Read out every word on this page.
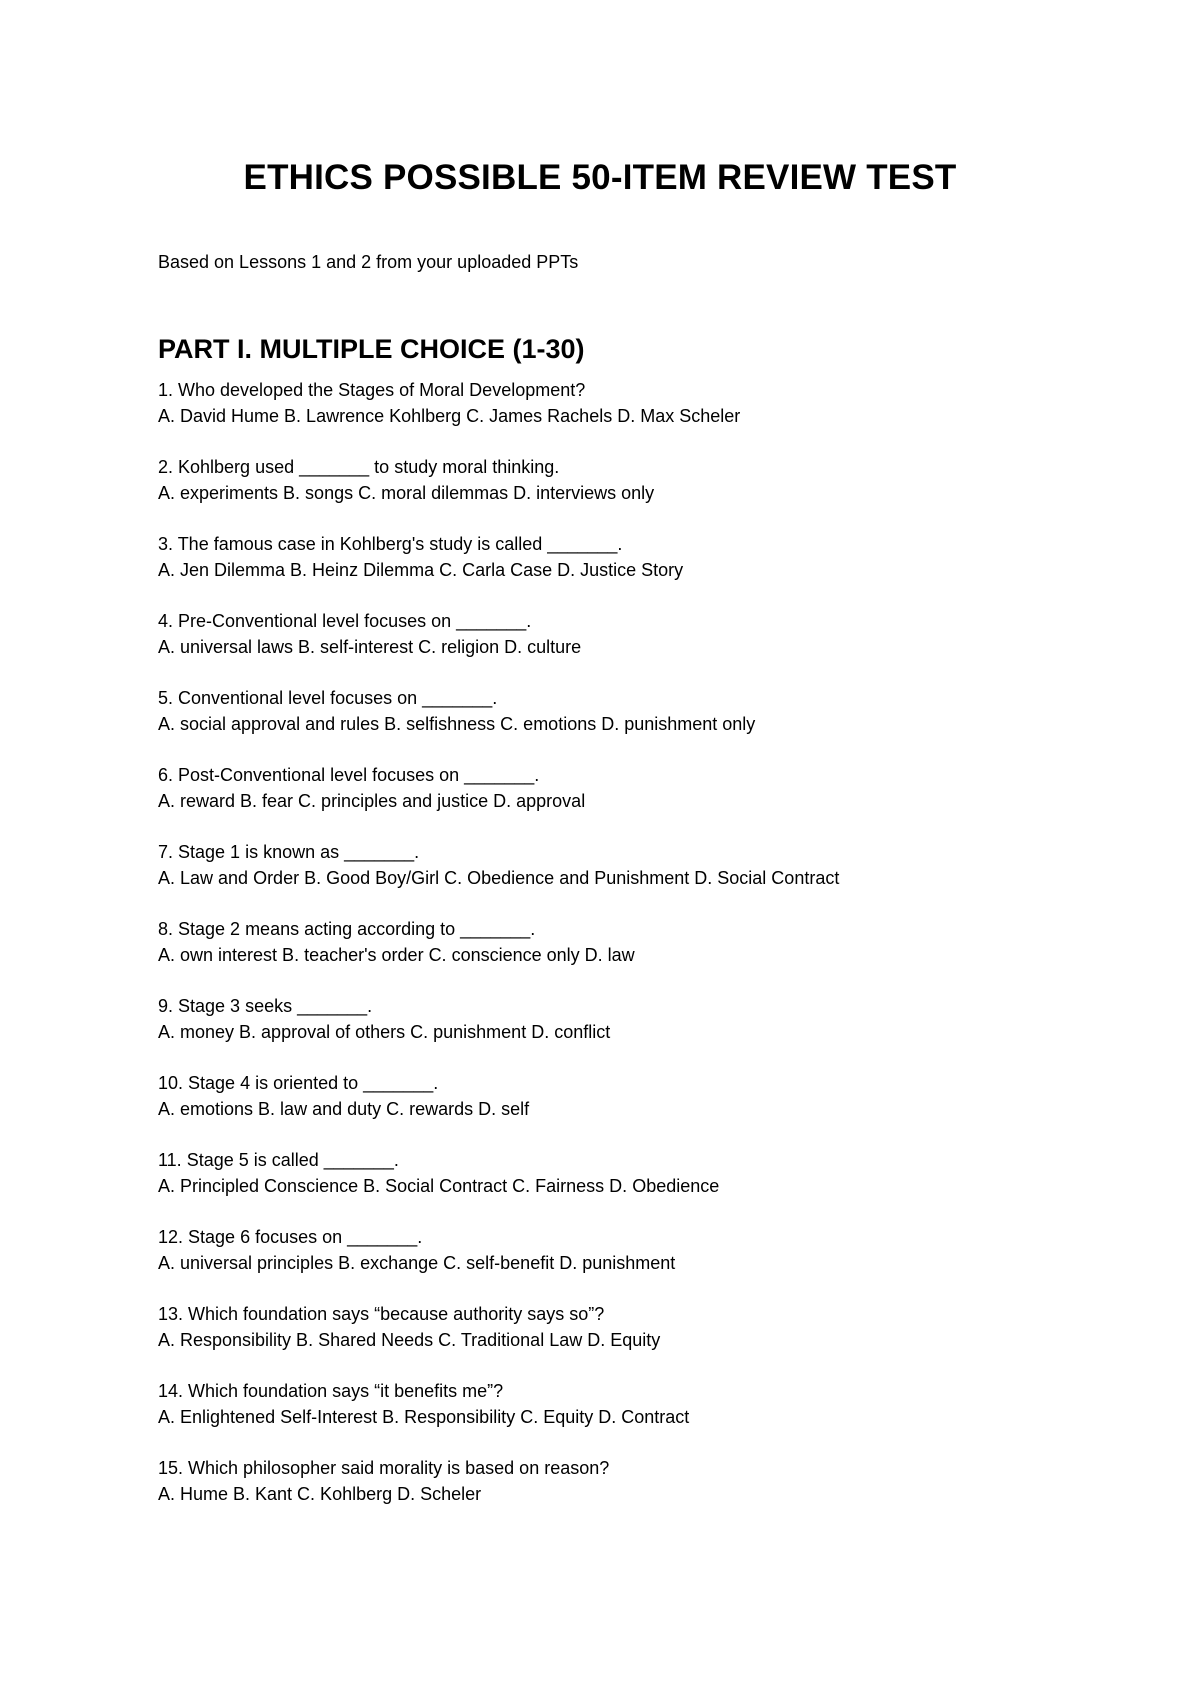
ETHICS POSSIBLE 50-ITEM REVIEW TEST

Based on Lessons 1 and 2 from your uploaded PPTs

PART I. MULTIPLE CHOICE (1-30)
1. Who developed the Stages of Moral Development?
A. David Hume B. Lawrence Kohlberg C. James Rachels D. Max Scheler
2. Kohlberg used _______ to study moral thinking.
A. experiments B. songs C. moral dilemmas D. interviews only
3. The famous case in Kohlberg's study is called _______.
A. Jen Dilemma B. Heinz Dilemma C. Carla Case D. Justice Story
4. Pre-Conventional level focuses on _______.
A. universal laws B. self-interest C. religion D. culture
5. Conventional level focuses on _______.
A. social approval and rules B. selfishness C. emotions D. punishment only
6. Post-Conventional level focuses on _______.
A. reward B. fear C. principles and justice D. approval
7. Stage 1 is known as _______.
A. Law and Order B. Good Boy/Girl C. Obedience and Punishment D. Social Contract
8. Stage 2 means acting according to _______.
A. own interest B. teacher's order C. conscience only D. law
9. Stage 3 seeks _______.
A. money B. approval of others C. punishment D. conflict
10. Stage 4 is oriented to _______.
A. emotions B. law and duty C. rewards D. self
11. Stage 5 is called _______.
A. Principled Conscience B. Social Contract C. Fairness D. Obedience
12. Stage 6 focuses on _______.
A. universal principles B. exchange C. self-benefit D. punishment
13. Which foundation says “because authority says so”?
A. Responsibility B. Shared Needs C. Traditional Law D. Equity
14. Which foundation says “it benefits me”?
A. Enlightened Self-Interest B. Responsibility C. Equity D. Contract
15. Which philosopher said morality is based on reason?
A. Hume B. Kant C. Kohlberg D. Scheler
